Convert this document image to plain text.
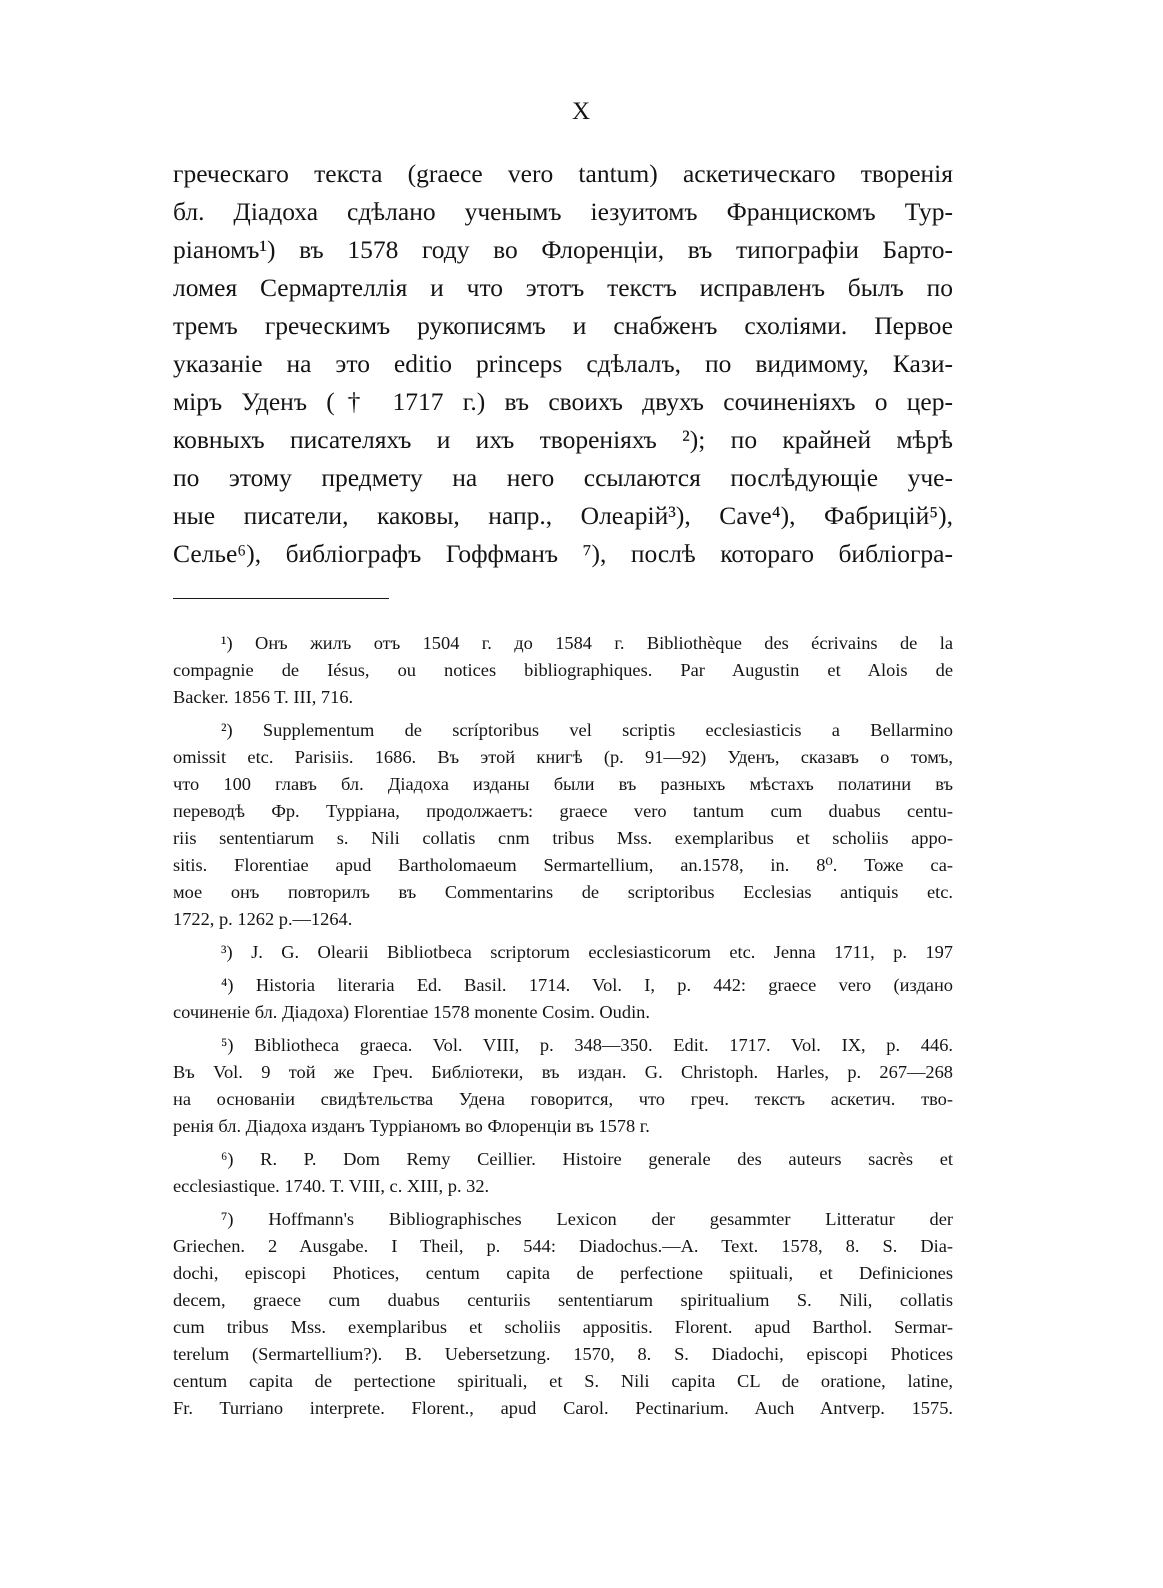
X
греческаго текста (graece vero tantum) аскетическаго творенія
бл. Діадоха сдѣлано ученымъ іезуитомъ Францискомъ Тур-
ріаномъ¹) въ 1578 году во Флоренціи, въ типографіи Барто-
ломея Сермартеллія и что этотъ текстъ исправленъ былъ по
тремъ греческимъ рукописямъ и снабженъ схоліями. Первое
указаніе на это editio princeps сдѣлалъ, по видимому, Кази-
міръ Уденъ († 1717 г.) въ своихъ двухъ сочиненіяхъ о цер-
ковныхъ писателяхъ и ихъ твореніяхъ ²); по крайней мѣрѣ
по этому предмету на него ссылаются послѣдующіе уче-
ные писатели, каковы, напр., Олеарій³), Cave⁴), Фабрицій⁵),
Селье⁶), библіографъ Гоффманъ ⁷), послѣ котораго библіогра-
¹) Онъ жилъ отъ 1504 г. до 1584 г. Bibliothèque des écrivains de la
compagnie de Iésus, ou notices bibliographiques. Par Augustin et Alois de
Backer. 1856 T. III, 716.
²) Supplementum de scríptoribus vel scriptis ecclesiasticis a Bellarmino
omissit etc. Parisiis. 1686. Въ этой книгѣ (р. 91—92) Уденъ, сказавъ о томъ,
что 100 главъ бл. Діадоха изданы были въ разныхъ мѣстахъ полатини въ
переводѣ Фр. Туррiана, продолжаетъ: graece vero tantum cum duabus centu-
riis sententiarum s. Nili collatis cnm tribus Mss. exemplaribus et scholiis appo-
sitis. Florentiae apud Bartholomaeum Sermartellium, an.1578, in. 8⁰. Тоже са-
мое онъ повторилъ въ Commentarins de scriptoribus Ecclesias antiquis etc.
1722, p. 1262 p.—1264.
³) J. G. Olearii Bibliotbeca scriptorum ecclesiasticorum etc. Jenna 1711, p. 197
⁴) Historia literaria Ed. Basil. 1714. Vol. I, p. 442: graece vero (издано
сочиненіе бл. Діадоха) Florentiae 1578 monente Cosim. Oudin.
⁵) Bibliotheca graeca. Vol. VIII, p. 348—350. Edit. 1717. Vol. IX, p. 446.
Въ Vol. 9 той же Греч. Библіотеки, въ издан. G. Christoph. Harles, p. 267—268
на основаніи свидѣтельства Удена говорится, что греч. текстъ аскетич. тво-
ренія бл. Діадоха изданъ Турріаномъ во Флоренціи въ 1578 г.
⁶) R. P. Dom Remy Ceillier. Histoire generale des auteurs sacrès et
ecclesiastique. 1740. T. VIII, c. XIII, p. 32.
⁷) Hoffmann's Bibliographisches Lexicon der gesammter Litteratur der
Griechen. 2 Ausgabe. I Theil, p. 544: Diadochus.—A. Text. 1578, 8. S. Dia-
dochi, episcopi Photices, centum capita de perfectione spiituali, et Definiciones
decem, graece cum duabus centuriis sententiarum spiritualium S. Nili, collatis
cum tribus Mss. exemplaribus et scholiis appositis. Florent. apud Barthol. Sermar-
terelum (Sermartellium?). B. Uebersetzung. 1570, 8. S. Diadochi, episcopi Photices
centum capita de pertectione spirituali, et S. Nili capita CL de oratione, latine,
Fr. Turriano interprete. Florent., apud Carol. Pectinarium. Auch Antverp. 1575.
